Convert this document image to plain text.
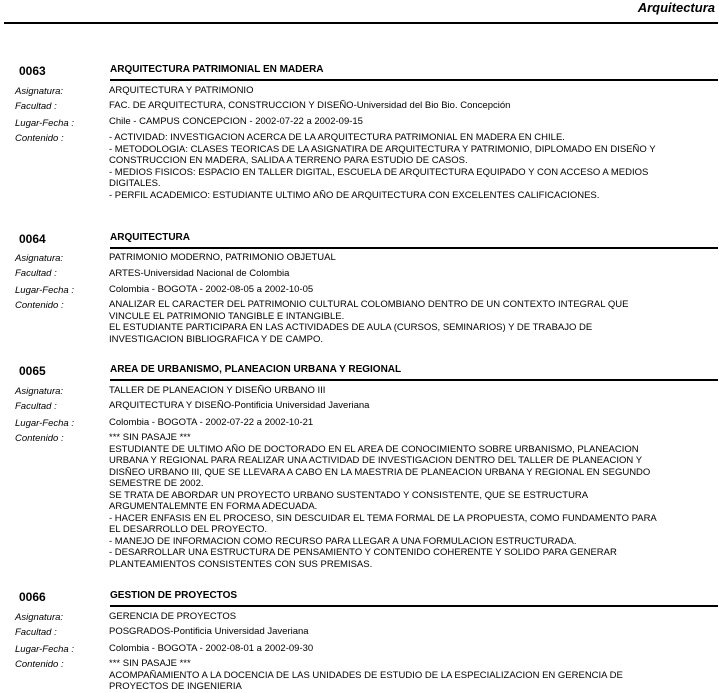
Arquitectura
0063	ARQUITECTURA PATRIMONIAL EN MADERA
Asignatura:	ARQUITECTURA Y PATRIMONIO
Facultad :	FAC. DE ARQUITECTURA, CONSTRUCCION Y DISEÑO-Universidad del Bio Bio. Concepción
Lugar-Fecha :	Chile - CAMPUS CONCEPCION - 2002-07-22 a 2002-09-15
Contenido :	- ACTIVIDAD: INVESTIGACION ACERCA DE LA ARQUITECTURA PATRIMONIAL EN MADERA EN CHILE.
- METODOLOGIA: CLASES TEORICAS DE LA ASIGNATIRA DE ARQUITECTURA Y PATRIMONIO, DIPLOMADO EN DISEÑO Y
CONSTRUCCION EN MADERA, SALIDA A TERRENO PARA ESTUDIO DE CASOS.
- MEDIOS FISICOS: ESPACIO EN TALLER DIGITAL, ESCUELA DE ARQUITECTURA EQUIPADO Y CON ACCESO A MEDIOS
DIGITALES.
- PERFIL ACADEMICO: ESTUDIANTE ULTIMO AÑO DE ARQUITECTURA CON EXCELENTES CALIFICACIONES.
0064	ARQUITECTURA
Asignatura:	PATRIMONIO MODERNO, PATRIMONIO OBJETUAL
Facultad :	ARTES-Universidad Nacional de Colombia
Lugar-Fecha :	Colombia - BOGOTA - 2002-08-05 a 2002-10-05
Contenido :	ANALIZAR EL CARACTER DEL PATRIMONIO CULTURAL COLOMBIANO DENTRO DE UN CONTEXTO INTEGRAL QUE
VINCULE EL PATRIMONIO TANGIBLE E INTANGIBLE.
EL ESTUDIANTE PARTICIPARA EN LAS ACTIVIDADES DE AULA (CURSOS, SEMINARIOS) Y DE TRABAJO DE
INVESTIGACION BIBLIOGRAFICA Y DE CAMPO.
0065	AREA DE URBANISMO, PLANEACION URBANA Y REGIONAL
Asignatura:	TALLER DE PLANEACION Y DISEÑO URBANO III
Facultad :	ARQUITECTURA Y DISEÑO-Pontificia Universidad Javeriana
Lugar-Fecha :	Colombia - BOGOTA - 2002-07-22 a 2002-10-21
Contenido :	*** SIN PASAJE ***
ESTUDIANTE DE ULTIMO AÑO DE DOCTORADO EN EL AREA DE CONOCIMIENTO SOBRE URBANISMO, PLANEACION
URBANA Y REGIONAL PARA REALIZAR UNA ACTIVIDAD DE INVESTIGACION DENTRO DEL TALLER DE PLANEACION Y
DISÑEO URBANO III, QUE SE LLEVARA A CABO EN LA MAESTRIA DE PLANEACION URBANA Y REGIONAL EN SEGUNDO
SEMESTRE DE 2002.
SE TRATA DE ABORDAR UN PROYECTO URBANO SUSTENTADO Y CONSISTENTE, QUE SE ESTRUCTURA
ARGUMENTALEMNTE EN FORMA ADECUADA.
- HACER ENFASIS EN EL PROCESO, SIN DESCUIDAR EL TEMA FORMAL DE LA PROPUESTA, COMO FUNDAMENTO PARA
EL DESARROLLO DEL PROYECTO.
- MANEJO DE INFORMACION COMO RECURSO PARA LLEGAR A UNA FORMULACION ESTRUCTURADA.
- DESARROLLAR UNA ESTRUCTURA DE PENSAMIENTO Y CONTENIDO COHERENTE Y SOLIDO PARA GENERAR
PLANTEAMIENTOS CONSISTENTES CON SUS PREMISAS.
0066	GESTION DE PROYECTOS
Asignatura:	GERENCIA DE PROYECTOS
Facultad :	POSGRADOS-Pontificia Universidad Javeriana
Lugar-Fecha :	Colombia - BOGOTA - 2002-08-01 a 2002-09-30
Contenido :	*** SIN PASAJE ***
ACOMPAÑAMIENTO A LA DOCENCIA DE LAS UNIDADES DE ESTUDIO DE LA ESPECIALIZACION EN GERENCIA DE
PROYECTOS DE INGENIERIA
